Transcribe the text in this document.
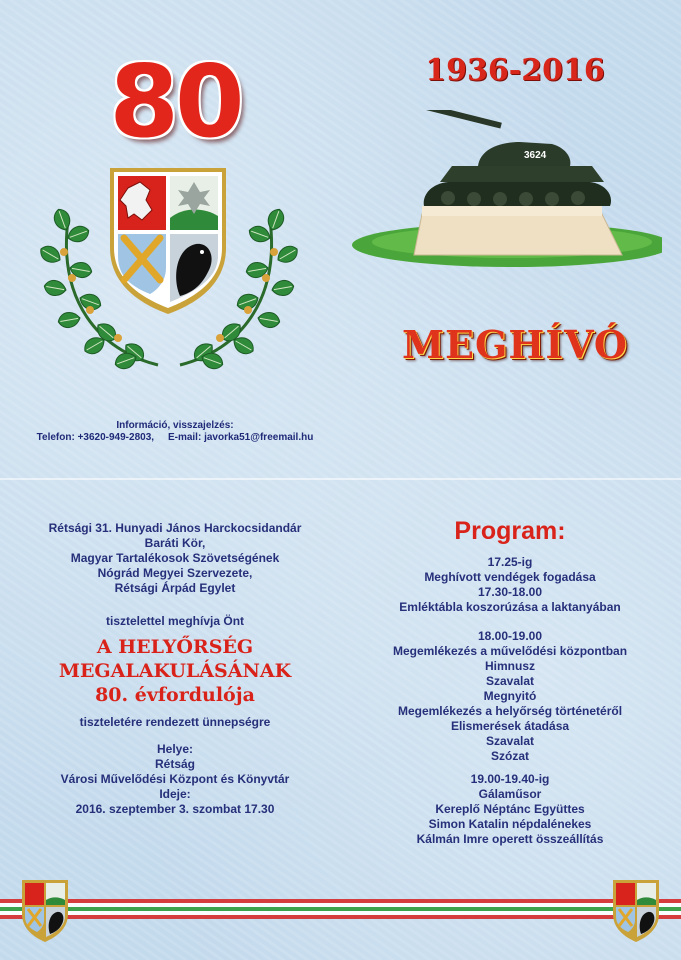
80	1936-2016
3624
MEGHÍVÓ
Információ, visszajelzés:
Telefon: +3620-949-2803, E-mail: javorka51@freemail.hu
Rétsági 31. Hunyadi János Harckocsidandár
Baráti Kör,
Magyar Tartalékosok Szövetségének
Nógrád Megyei Szervezete,
Rétsági Árpád Egylet
tisztelettel meghívja Önt
A HELYŐRSÉG
MEGALAKULÁSÁNAK
80. évfordulója
tiszteletére rendezett ünnepségre
Helye:
Rétság
Városi Művelődési Központ és Könyvtár
Ideje:
2016. szeptember 3. szombat 17.30
Program:
17.25-ig
Meghívott vendégek fogadása
17.30-18.00
Emléktábla koszorúzása a laktanyában
18.00-19.00
Megemlékezés a művelődési központban
Himnusz
Szavalat
Megnyitó
Megemlékezés a helyőrség történetéről
Elismerések átadása
Szavalat
Szózat
19.00-19.40-ig
Gálaműsor
Kereplő Néptánc Együttes
Simon Katalin népdalénekes
Kálmán Imre operett összeállítás
